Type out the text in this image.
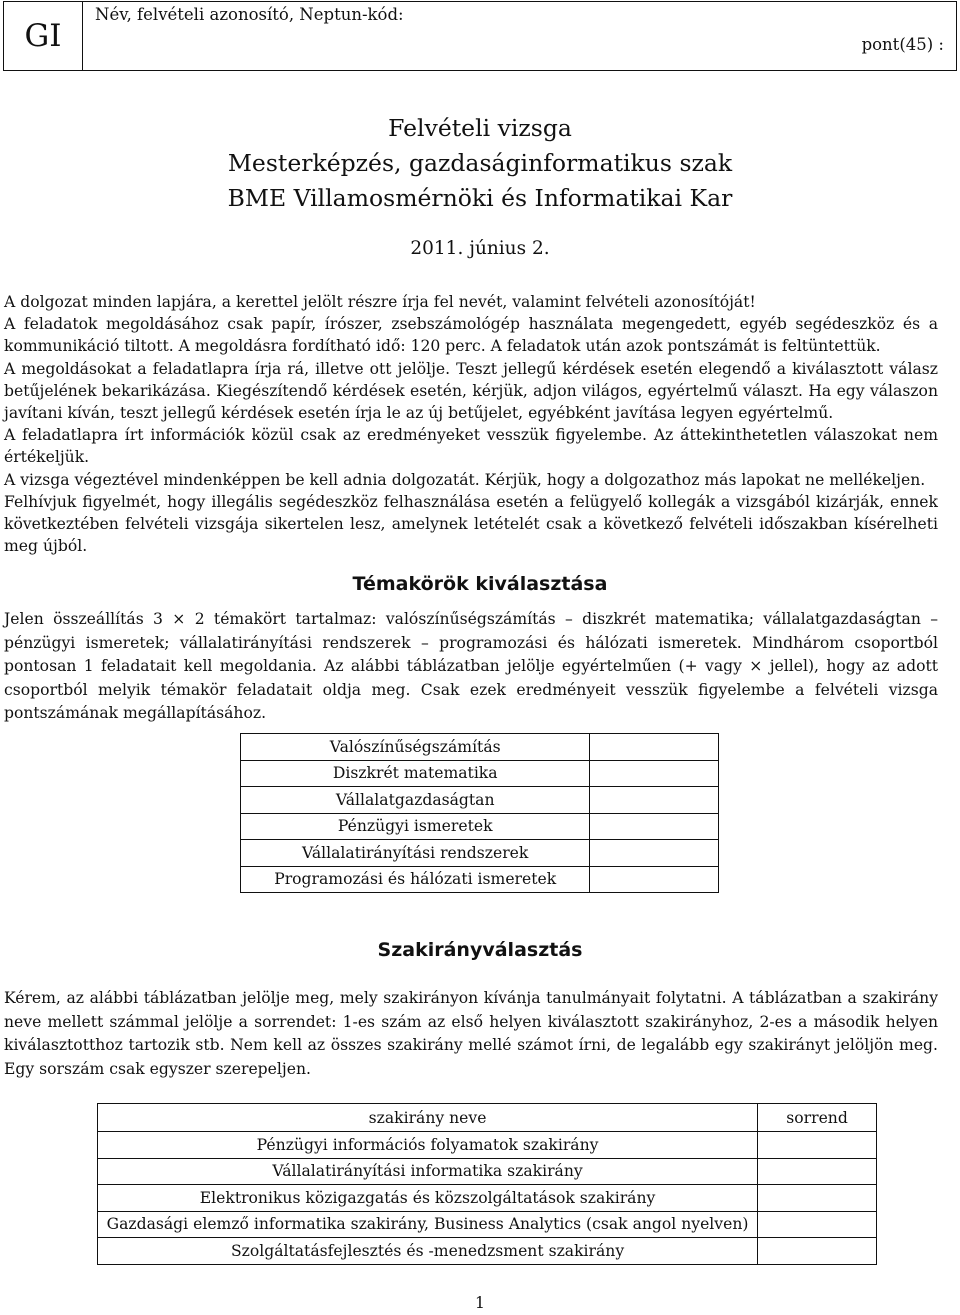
GI
Név, felvételi azonosító, Neptun-kód:
pont(45) :
Felvételi vizsga
Mesterképzés, gazdaságinformatikus szak
BME Villamosmérnöki és Informatikai Kar
2011. június 2.

A dolgozat minden lapjára, a kerettel jelölt részre írja fel nevét, valamint felvételi azonosítóját!

A feladatok megoldásához csak papír, írószer, zsebszámológép használata megengedett, egyéb segédeszköz és a kommunikáció tiltott. A megoldásra fordítható idő: 120 perc. A feladatok után azok pontszámát is feltüntettük.

A megoldásokat a feladatlapra írja rá, illetve ott jelölje. Teszt jellegű kérdések esetén elegendő a kiválasztott válasz betűjelének bekarikázása. Kiegészítendő kérdések esetén, kérjük, adjon világos, egyértelmű választ. Ha egy válaszon javítani kíván, teszt jellegű kérdések esetén írja le az új betűjelet, egyébként javítása legyen egyértelmű.

A feladatlapra írt információk közül csak az eredményeket vesszük figyelembe. Az áttekinthetetlen válaszokat nem értékeljük.

A vizsga végeztével mindenképpen be kell adnia dolgozatát. Kérjük, hogy a dolgozathoz más lapokat ne mellékeljen.

Felhívjuk figyelmét, hogy illegális segédeszköz felhasználása esetén a felügyelő kollegák a vizsgából kizárják, ennek következtében felvételi vizsgája sikertelen lesz, amelynek letételét csak a következő felvételi időszakban kísérelheti meg újból.

Témakörök kiválasztása

Jelen összeállítás 3 × 2 témakört tartalmaz: valószínűségszámítás – diszkrét matematika; vállalatgazdaságtan – pénzügyi ismeretek; vállalatirányítási rendszerek – programozási és hálózati ismeretek. Mindhárom csoportból pontosan 1 feladatait kell megoldania. Az alábbi táblázatban jelölje egyértelműen (+ vagy × jellel), hogy az adott csoportból melyik témakör feladatait oldja meg. Csak ezek eredményeit vesszük figyelembe a felvételi vizsga pontszámának megállapításához.

Valószínűségszámítás	
Diszkrét matematika	
Vállalatgazdaságtan	
Pénzügyi ismeretek	
Vállalatirányítási rendszerek	
Programozási és hálózati ismeretek	
Szakirányválasztás

Kérem, az alábbi táblázatban jelölje meg, mely szakirányon kívánja tanulmányait folytatni. A táblázatban a szakirány neve mellett számmal jelölje a sorrendet: 1-es szám az első helyen kiválasztott szakirányhoz, 2-es a második helyen kiválasztotthoz tartozik stb. Nem kell az összes szakirány mellé számot írni, de legalább egy szakirányt jelöljön meg. Egy sorszám csak egyszer szerepeljen.

szakirány neve	sorrend
Pénzügyi információs folyamatok szakirány	
Vállalatirányítási informatika szakirány	
Elektronikus közigazgatás és közszolgáltatások szakirány	
Gazdasági elemző informatika szakirány, Business Analytics (csak angol nyelven)	
Szolgáltatásfejlesztés és -menedzsment szakirány	
1
